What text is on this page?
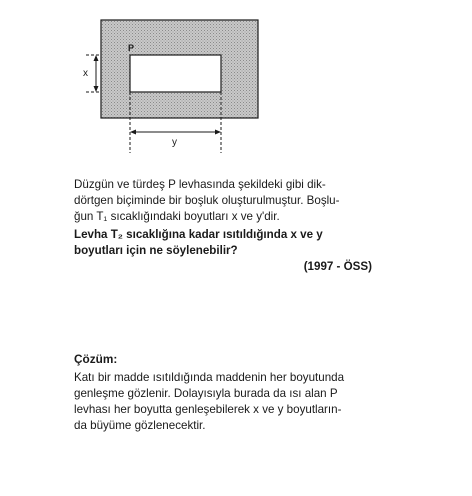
P
x
y
Düzgün ve türdeş P levhasında şekildeki gibi dik-
dörtgen biçiminde bir boşluk oluşturulmuştur. Boşlu-
ğun T₁ sıcaklığındaki boyutları x ve y'dir.
Levha T₂ sıcaklığına kadar ısıtıldığında x ve y
boyutları için ne söylenebilir?
(1997 - ÖSS)
Çözüm:
Katı bir madde ısıtıldığında maddenin her boyutunda
genleşme gözlenir. Dolayısıyla burada da ısı alan P
levhası her boyutta genleşebilerek x ve y boyutların-
da büyüme gözlenecektir.
